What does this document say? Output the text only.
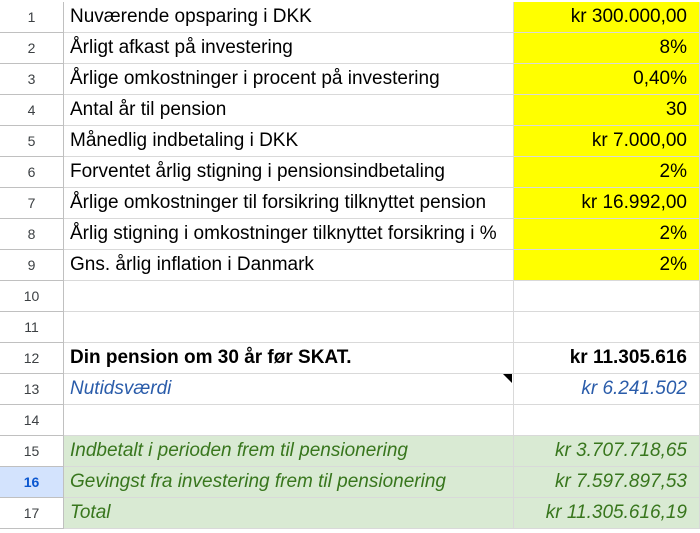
1	Nuværende opsparing i DKK	kr 300.000,00
2	Årligt afkast på investering	8%
3	Årlige omkostninger i procent på investering	0,40%
4	Antal år til pension	30
5	Månedlig indbetaling i DKK	kr 7.000,00
6	Forventet årlig stigning i pensionsindbetaling	2%
7	Årlige omkostninger til forsikring tilknyttet pension	kr 16.992,00
8	Årlig stigning i omkostninger tilknyttet forsikring i %	2%
9	Gns. årlig inflation i Danmark	2%
10
11
12	Din pension om 30 år før SKAT.	kr 11.305.616
13	Nutidsværdi	kr 6.241.502
14
15	Indbetalt i perioden frem til pensionering	kr 3.707.718,65
16	Gevingst fra investering frem til pensionering	kr 7.597.897,53
17	Total	kr 11.305.616,19
